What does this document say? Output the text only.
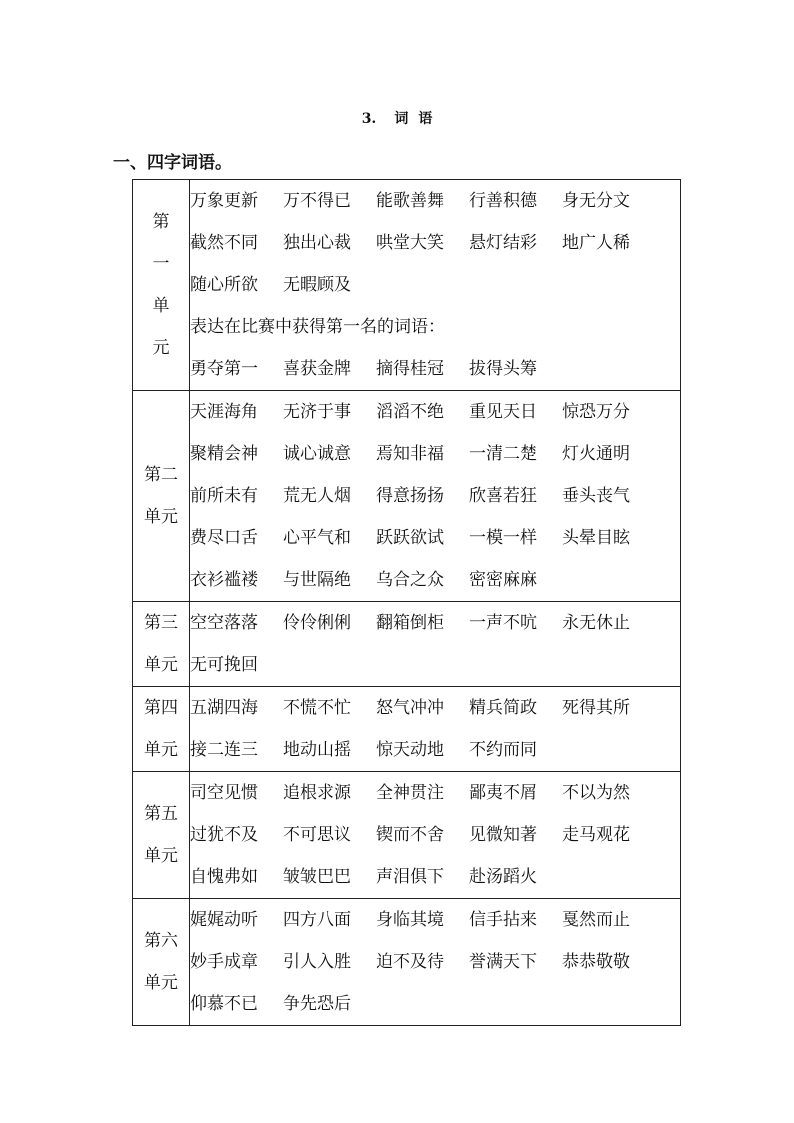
3. 词 语
一、四字词语。
第一单元	万象更新 万不得已 能歌善舞 行善积德 身无分文
截然不同 独出心裁 哄堂大笑 悬灯结彩 地广人稀
随心所欲 无暇顾及
表达在比赛中获得第一名的词语：
勇夺第一 喜获金牌 摘得桂冠 拔得头筹

第二单元	天涯海角 无济于事 滔滔不绝 重见天日 惊恐万分
聚精会神 诚心诚意 焉知非福 一清二楚 灯火通明
前所未有 荒无人烟 得意扬扬 欣喜若狂 垂头丧气
费尽口舌 心平气和 跃跃欲试 一模一样 头晕目眩
衣衫褴褛 与世隔绝 乌合之众 密密麻麻

第三单元	空空落落 伶伶俐俐 翻箱倒柜 一声不吭 永无休止
无可挽回

第四单元	五湖四海 不慌不忙 怒气冲冲 精兵简政 死得其所
接二连三 地动山摇 惊天动地 不约而同

第五单元	司空见惯 追根求源 全神贯注 鄙夷不屑 不以为然
过犹不及 不可思议 锲而不舍 见微知著 走马观花
自愧弗如 皱皱巴巴 声泪俱下 赴汤蹈火

第六单元	娓娓动听 四方八面 身临其境 信手拈来 戛然而止
妙手成章 引人入胜 迫不及待 誉满天下 恭恭敬敬
仰慕不已 争先恐后
